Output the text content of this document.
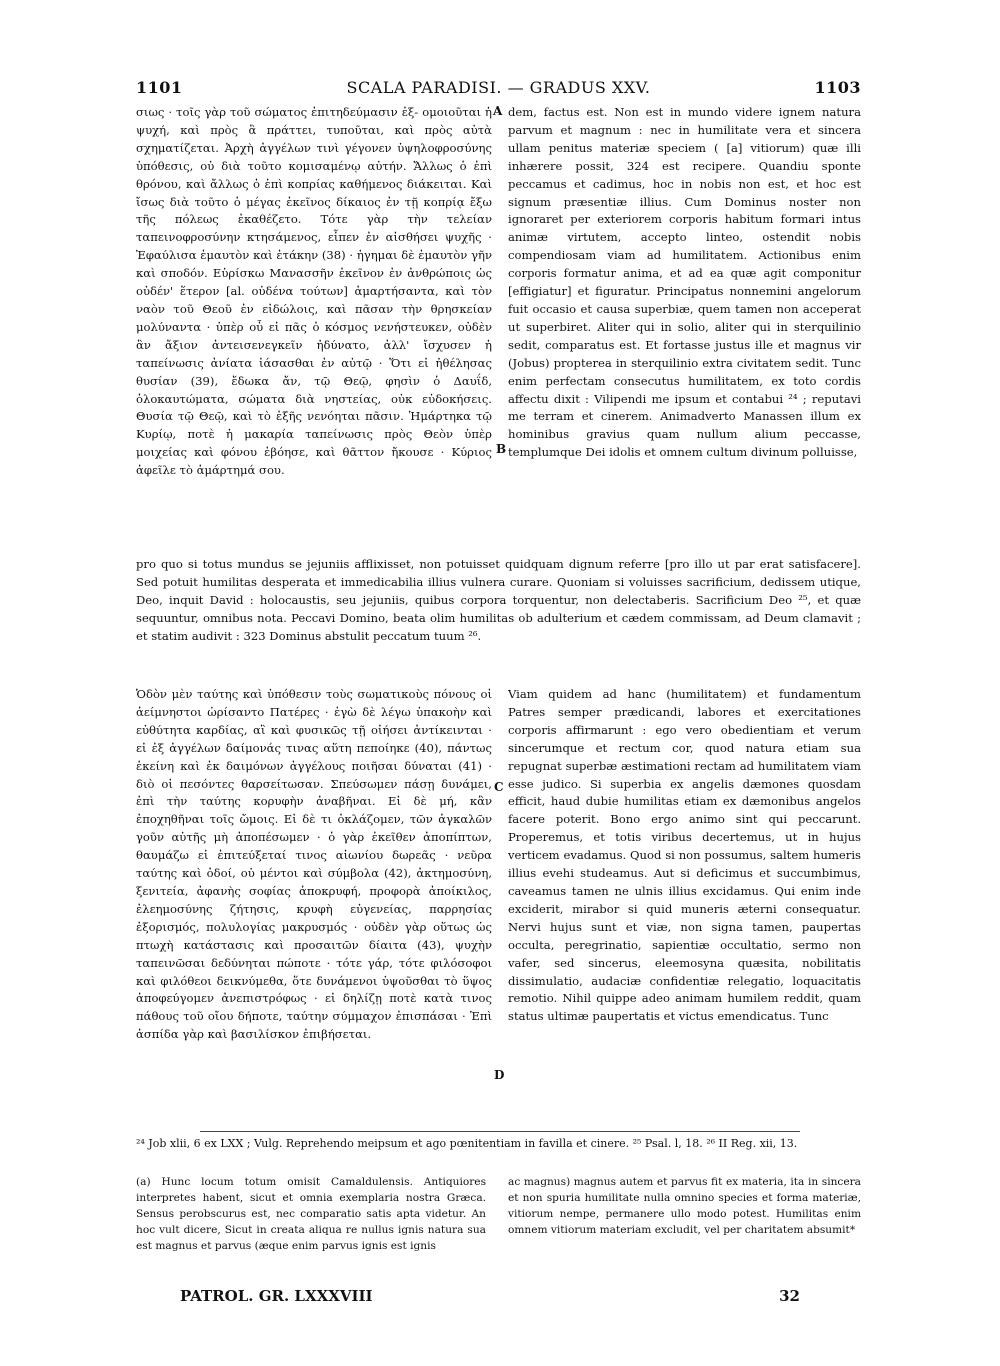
1101	SCALA PARADISI. — GRADUS XXV.	1103

σιως · τοῖς γὰρ τοῦ σώματος ἐπιτηδεύμασιν ἐξ- ομοιοῦται ἡ ψυχή, καὶ πρὸς ἃ πράττει, τυποῦται, καὶ πρὸς αὐτὰ σχηματίζεται. Ἀρχὴ ἀγγέλων τινὶ γέγονεν ὑψηλοφροσύνης ὑπόθεσις, οὐ διὰ τοῦτο κομισαμένῳ αὐτήν. Ἄλλως ὁ ἐπὶ θρόνου, καὶ ἄλλως ὁ ἐπὶ κοπρίας καθήμενος διάκειται. Καὶ ἴσως διὰ τοῦτο ὁ μέγας ἐκεῖνος δίκαιος ἐν τῇ κοπρίᾳ ἔξω τῆς πόλεως ἐκαθέζετο. Τότε γὰρ τὴν τελείαν ταπεινοφροσύνην κτησάμενος, εἶπεν ἐν αἰσθήσει ψυχῆς · Ἐφαύλισα ἐμαυτὸν καὶ ἐτάκην (38) · ἡγημαι δὲ ἐμαυτὸν γῆν καὶ σποδόν. Εὑρίσκω Μανασσῆν ἐκεῖνον ἐν ἀνθρώποις ὡς οὐδέν' ἕτερον [al. οὐδένα τούτων] ἁμαρτήσαντα, καὶ τὸν ναὸν τοῦ Θεοῦ ἐν εἰδώλοις, καὶ πᾶσαν τὴν θρησκείαν μολύναντα · ὑπὲρ οὗ εἰ πᾶς ὁ κόσμος νενήστευκεν, οὐδὲν ἂν ἄξιον ἀντεισενεγκεῖν ἠδύνατο, ἀλλ' ἴσχυσεν ἡ ταπείνωσις ἀνίατα ἰάσασθαι ἐν αὐτῷ · Ὅτι εἰ ἠθέλησας θυσίαν (39), ἔδωκα ἄν, τῷ Θεῷ, φησὶν ὁ Δαυΐδ, ὁλοκαυτώματα, σώματα διὰ νηστείας, οὐκ εὐδοκήσεις. Θυσία τῷ Θεῷ, καὶ τὸ ἑξῆς νενόηται πᾶσιν. Ἡμάρτηκα τῷ Κυρίῳ, ποτὲ ἡ μακαρία ταπείνωσις πρὸς Θεὸν ὑπὲρ μοιχείας καὶ φόνου ἐβόησε, καὶ θᾶττον ἤκουσε · Κύριος ἀφεῖλε τὸ ἁμάρτημά σου.

A dem, factus est. Non est in mundo videre ignem natura parvum et magnum : nec in humilitate vera et sincera ullam penitus materiæ speciem ( [a] vitiorum) quæ illi inhærere possit, 324 est recipere. Quandiu sponte peccamus et cadimus, hoc in nobis non est, et hoc est signum præsentiæ illius. Cum Dominus noster non ignoraret per exteriorem corporis habitum formari intus animæ virtutem, accepto linteo, ostendit nobis compendiosam viam ad humilitatem. Actionibus enim corporis formatur anima, et ad ea quæ agit componitur [effigiatur] et figuratur. Principatus nonnemini angelorum fuit occasio et causa superbiæ, quem tamen non acceperat ut superbiret. Aliter qui in solio, aliter qui in sterquilinio sedit, comparatus est. Et fortasse justus ille et magnus vir (Jobus) propterea in sterquilinio extra civitatem sedit. Tunc enim perfectam consecutus humilitatem, ex toto cordis affectu dixit : Vilipendi me ipsum et contabui ²⁴ ; reputavi me terram et cinerem. Animadverto Manassen illum ex hominibus gravius quam nullum alium peccasse, templumque Dei idolis et omnem cultum divinum polluisse,

B

pro quo si totus mundus se jejuniis afflixisset, non potuisset quidquam dignum referre [pro illo ut par erat satisfacere]. Sed potuit humilitas desperata et immedicabilia illius vulnera curare. Quoniam si voluisses sacrificium, dedissem utique, Deo, inquit David : holocaustis, seu jejuniis, quibus corpora torquentur, non delectaberis. Sacrificium Deo ²⁵, et quæ sequuntur, omnibus nota. Peccavi Domino, beata olim humilitas ob adulterium et cædem commissam, ad Deum clamavit ; et statim audivit : 323 Dominus abstulit peccatum tuum ²⁶.

Ὁδὸν μὲν ταύτης καὶ ὑπόθεσιν τοὺς σωματικοὺς πόνους οἱ ἀείμνηστοι ὡρίσαντο Πατέρες · ἐγὼ δὲ λέγω ὑπακοὴν καὶ εὐθύτητα καρδίας, αἳ καὶ φυσικῶς τῇ οἰήσει ἀντίκεινται · εἰ ἐξ ἀγγέλων δαίμονάς τινας αὕτη πεποίηκε (40), πάντως ἐκείνη καὶ ἐκ δαιμόνων ἀγγέλους ποιῆσαι δύναται (41) · διὸ οἱ πεσόντες θαρσείτωσαν. Σπεύσωμεν πάσῃ δυνάμει, ἐπὶ τὴν ταύτης κορυφὴν ἀναβῆναι. Εἰ δὲ μή, κἂν ἐποχηθῆναι τοῖς ὤμοις. Εἰ δὲ τι ὀκλάζομεν, τῶν ἀγκαλῶν γοῦν αὐτῆς μὴ ἀποπέσωμεν · ὁ γὰρ ἐκεῖθεν ἀποπίπτων, θαυμάζω εἰ ἐπιτεύξεταί τινος αἰωνίου δωρεᾶς · νεῦρα ταύτης καὶ ὁδοί, οὐ μέντοι καὶ σύμβολα (42), ἀκτημοσύνη, ξενιτεία, ἀφανὴς σοφίας ἀποκρυφή, προφορὰ ἀποίκιλος, ἐλεημοσύνης ζήτησις, κρυφὴ εὐγενείας, παρρησίας ἐξορισμός, πολυλογίας μακρυσμός · οὐδὲν γὰρ οὕτως ὡς πτωχὴ κατάστασις καὶ προσαιτῶν δίαιτα (43), ψυχὴν ταπεινῶσαι δεδύνηται πώποτε · τότε γάρ, τότε φιλόσοφοι καὶ φιλόθεοι δεικνύμεθα, ὅτε δυνάμενοι ὑψοῦσθαι τὸ ὕψος ἀποφεύγομεν ἀνεπιστρόφως · εἰ δηλίζῃ ποτὲ κατὰ τινος πάθους τοῦ οἴου δήποτε, ταύτην σύμμαχον ἐπισπάσαι · Ἐπὶ ἀσπίδα γὰρ καὶ βασιλίσκον ἐπιβήσεται.

C

Viam quidem ad hanc (humilitatem) et fundamentum Patres semper prædicandi, labores et exercitationes corporis affirmarunt : ego vero obedientiam et verum sincerumque et rectum cor, quod natura etiam sua repugnat superbæ æstimationi rectam ad humilitatem viam esse judico. Si superbia ex angelis dæmones quosdam efficit, haud dubie humilitas etiam ex dæmonibus angelos facere poterit. Bono ergo animo sint qui peccarunt. Properemus, et totis viribus decertemus, ut in hujus verticem evadamus. Quod si non possumus, saltem humeris illius evehi studeamus. Aut si deficimus et succumbimus, caveamus tamen ne ulnis illius excidamus. Qui enim inde exciderit, mirabor si quid muneris æterni consequatur. Nervi hujus sunt et viæ, non signa tamen, paupertas occulta, peregrinatio, sapientiæ occultatio, sermo non vafer, sed sincerus, eleemosyna quæsita, nobilitatis dissimulatio, audaciæ confidentiæ relegatio, loquacitatis remotio. Nihil quippe adeo animam humilem reddit, quam status ultimæ paupertatis et victus emendicatus. Tunc

D

²⁴ Job xlii, 6 ex LXX ; Vulg. Reprehendo meipsum et ago pœnitentiam in favilla et cinere. ²⁵ Psal. l, 18. ²⁶ II Reg. xii, 13.

(a) Hunc locum totum omisit Camaldulensis. Antiquiores interpretes habent, sicut et omnia exemplaria nostra Græca. Sensus perobscurus est, nec comparatio satis apta videtur. An hoc vult dicere, Sicut in creata aliqua re nullus ignis natura sua est magnus et parvus (æque enim parvus ignis est ignis
ac magnus) magnus autem et parvus fit ex materia, ita in sincera et non spuria humilitate nulla omnino species et forma materiæ, vitiorum nempe, permanere ullo modo potest. Humilitas enim omnem vitiorum materiam excludit, vel per charitatem absumit*
PATROL. GR. LXXXVIII	32
